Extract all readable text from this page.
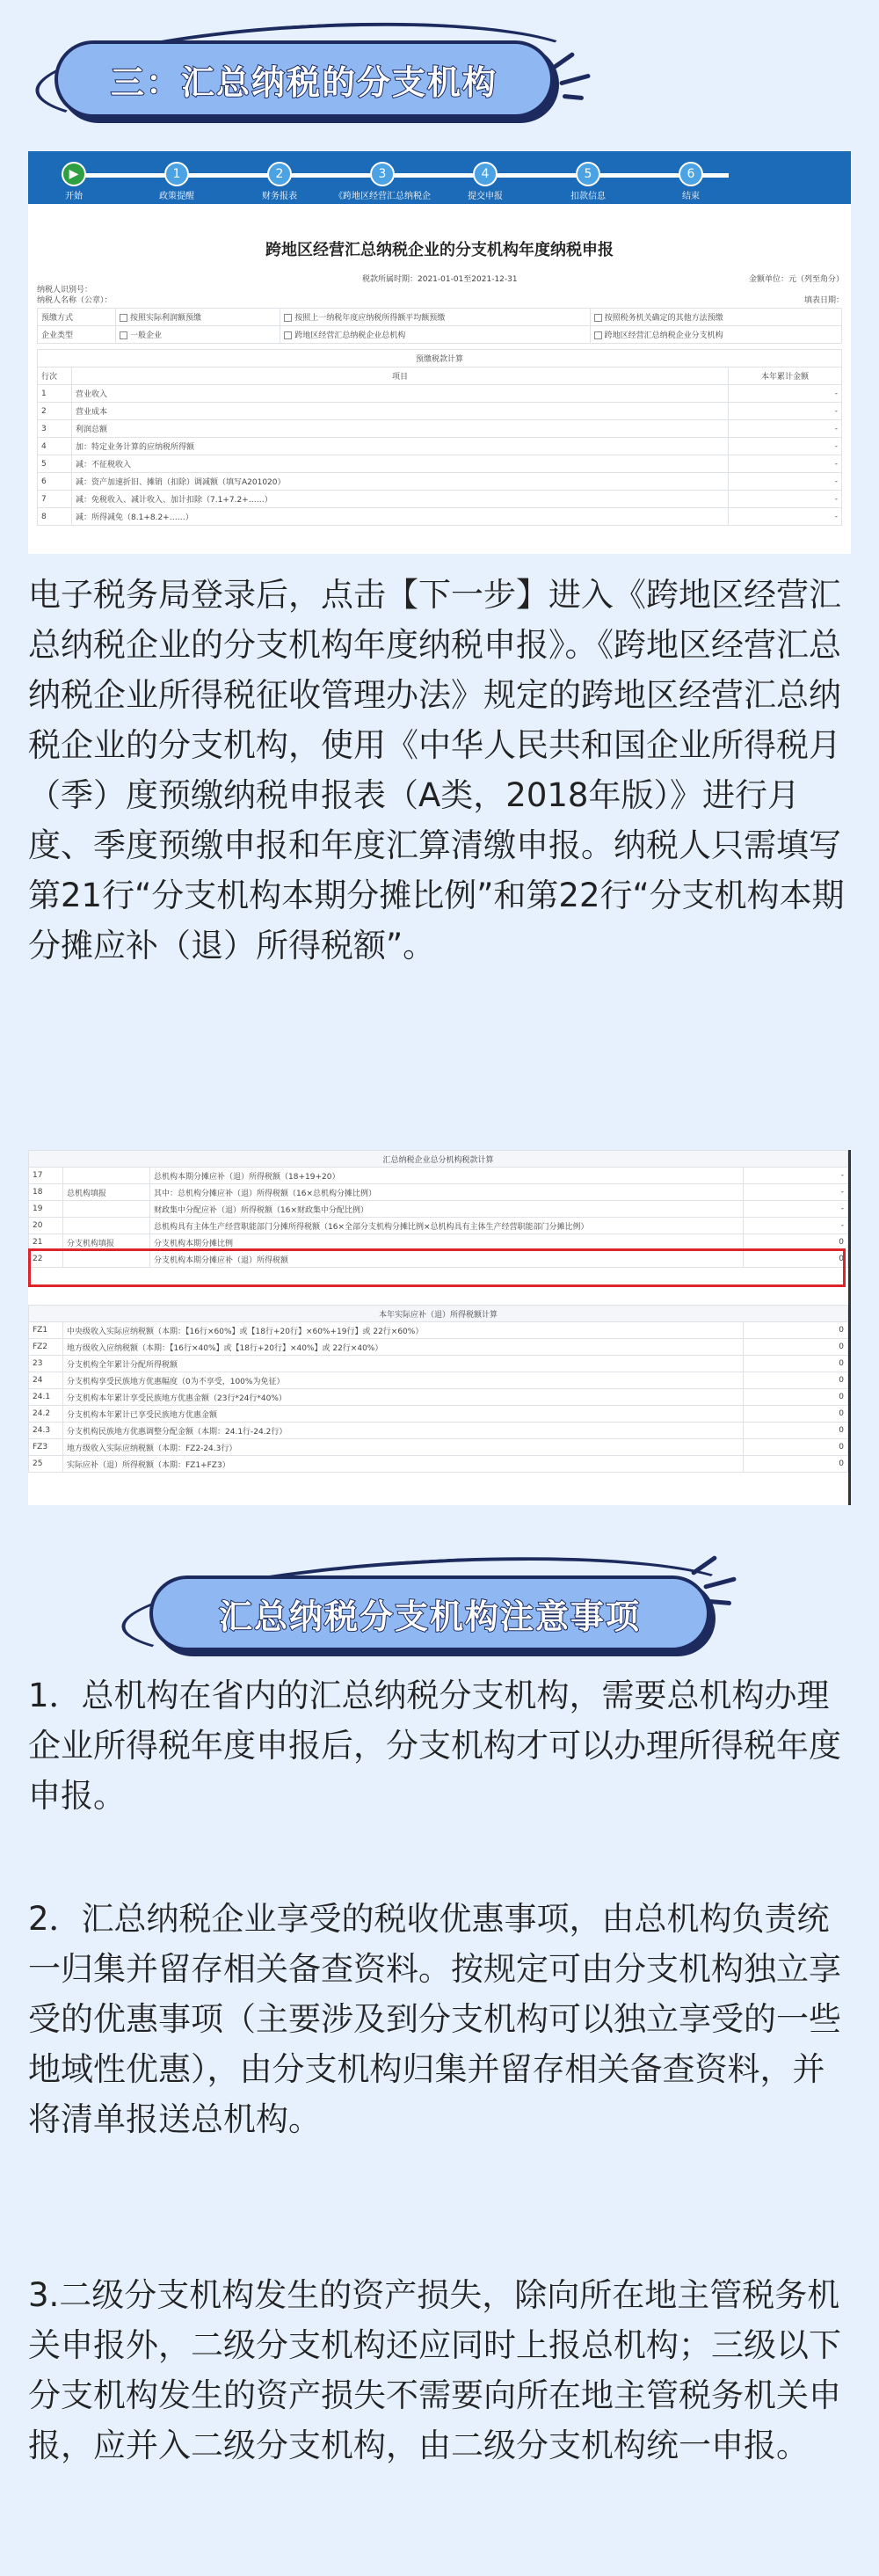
三：汇总纳税的分支机构
▶
开始
1
政策提醒
2
财务报表
3
《跨地区经营汇总纳税企
4
提交申报
5
扣款信息
6
结束
跨地区经营汇总纳税企业的分支机构年度纳税申报
税款所属时期：2021-01-01至2021-12-31	金额单位：元（列至角分）
纳税人识别号：
纳税人名称（公章）：	填表日期：
预缴方式	按照实际利润额预缴	按照上一纳税年度应纳税所得额平均额预缴	按照税务机关确定的其他方法预缴
企业类型	一般企业	跨地区经营汇总纳税企业总机构	跨地区经营汇总纳税企业分支机构
预缴税款计算		
行次	项目	本年累计金额
1	营业收入	-
2	营业成本	-
3	利润总额	-
4	加：特定业务计算的应纳税所得额	-
5	减：不征税收入	-
6	减：资产加速折旧、摊销（扣除）调减额（填写A201020）	-
7	减：免税收入、减计收入、加计扣除（7.1+7.2+……）	-
8	减：所得减免（8.1+8.2+……）	-
电子税务局登录后，点击【下一步】进入《跨地区经营汇总纳税企业的分支机构年度纳税申报》。《跨地区经营汇总纳税企业所得税征收管理办法》规定的跨地区经营汇总纳税企业的分支机构，使用《中华人民共和国企业所得税月（季）度预缴纳税申报表（A类，2018年版）》进行月度、季度预缴申报和年度汇算清缴申报。纳税人只需填写第21行“分支机构本期分摊比例”和第22行“分支机构本期分摊应补（退）所得税额”。
汇总纳税企业总分机构税款计算			
17		总机构本期分摊应补（退）所得税额（18+19+20）	-
18	总机构填报	其中：总机构分摊应补（退）所得税额（16×总机构分摊比例）	-
19		财政集中分配应补（退）所得税额（16×财政集中分配比例）	-
20		总机构具有主体生产经营职能部门分摊所得税额（16×全部分支机构分摊比例×总机构具有主体生产经营职能部门分摊比例）	-
21	分支机构填报	分支机构本期分摊比例	0
22		分支机构本期分摊应补（退）所得税额	0
本年实际应补（退）所得税额计算		
FZ1	中央级收入实际应纳税额（本期：【16行×60%】或【18行+20行】×60%+19行】或 22行×60%）	0
FZ2	地方级收入应纳税额（本期：【16行×40%】或【18行+20行】×40%】或 22行×40%）	0
23	分支机构全年累计分配所得税额	0
24	分支机构享受民族地方优惠幅度（0为不享受，100%为免征）	0
24.1	分支机构本年累计享受民族地方优惠金额（23行*24行*40%）	0
24.2	分支机构本年累计已享受民族地方优惠金额	0
24.3	分支机构民族地方优惠调整分配金额（本期：24.1行-24.2行）	0
FZ3	地方级收入实际应纳税额（本期：FZ2-24.3行）	0
25	实际应补（退）所得税额（本期：FZ1+FZ3）	0
汇总纳税分支机构注意事项
1．总机构在省内的汇总纳税分支机构，需要总机构办理企业所得税年度申报后，分支机构才可以办理所得税年度申报。
2．汇总纳税企业享受的税收优惠事项，由总机构负责统一归集并留存相关备查资料。按规定可由分支机构独立享受的优惠事项（主要涉及到分支机构可以独立享受的一些地域性优惠），由分支机构归集并留存相关备查资料，并将清单报送总机构。
3.二级分支机构发生的资产损失，除向所在地主管税务机关申报外，二级分支机构还应同时上报总机构；三级以下分支机构发生的资产损失不需要向所在地主管税务机关申报，应并入二级分支机构，由二级分支机构统一申报。
